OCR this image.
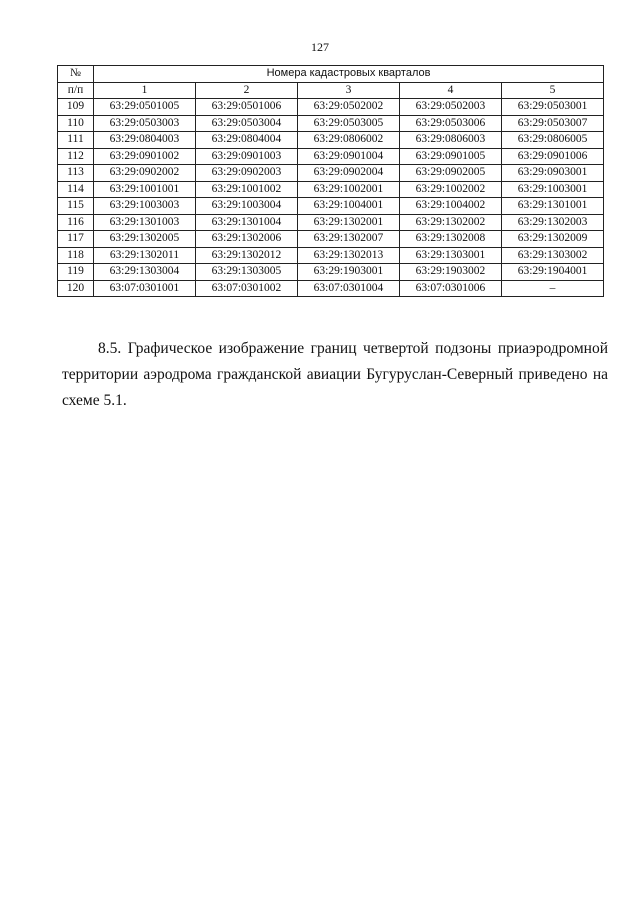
127
№	Номера кадастровых кварталов				
п/п	1	2	3	4	5
109	63:29:0501005	63:29:0501006	63:29:0502002	63:29:0502003	63:29:0503001
110	63:29:0503003	63:29:0503004	63:29:0503005	63:29:0503006	63:29:0503007
111	63:29:0804003	63:29:0804004	63:29:0806002	63:29:0806003	63:29:0806005
112	63:29:0901002	63:29:0901003	63:29:0901004	63:29:0901005	63:29:0901006
113	63:29:0902002	63:29:0902003	63:29:0902004	63:29:0902005	63:29:0903001
114	63:29:1001001	63:29:1001002	63:29:1002001	63:29:1002002	63:29:1003001
115	63:29:1003003	63:29:1003004	63:29:1004001	63:29:1004002	63:29:1301001
116	63:29:1301003	63:29:1301004	63:29:1302001	63:29:1302002	63:29:1302003
117	63:29:1302005	63:29:1302006	63:29:1302007	63:29:1302008	63:29:1302009
118	63:29:1302011	63:29:1302012	63:29:1302013	63:29:1303001	63:29:1303002
119	63:29:1303004	63:29:1303005	63:29:1903001	63:29:1903002	63:29:1904001
120	63:07:0301001	63:07:0301002	63:07:0301004	63:07:0301006	–

8.5. Графическое изображение границ четвертой подзоны приаэродромной территории аэродрома гражданской авиации Бугуруслан-Северный приведено на схеме 5.1.
